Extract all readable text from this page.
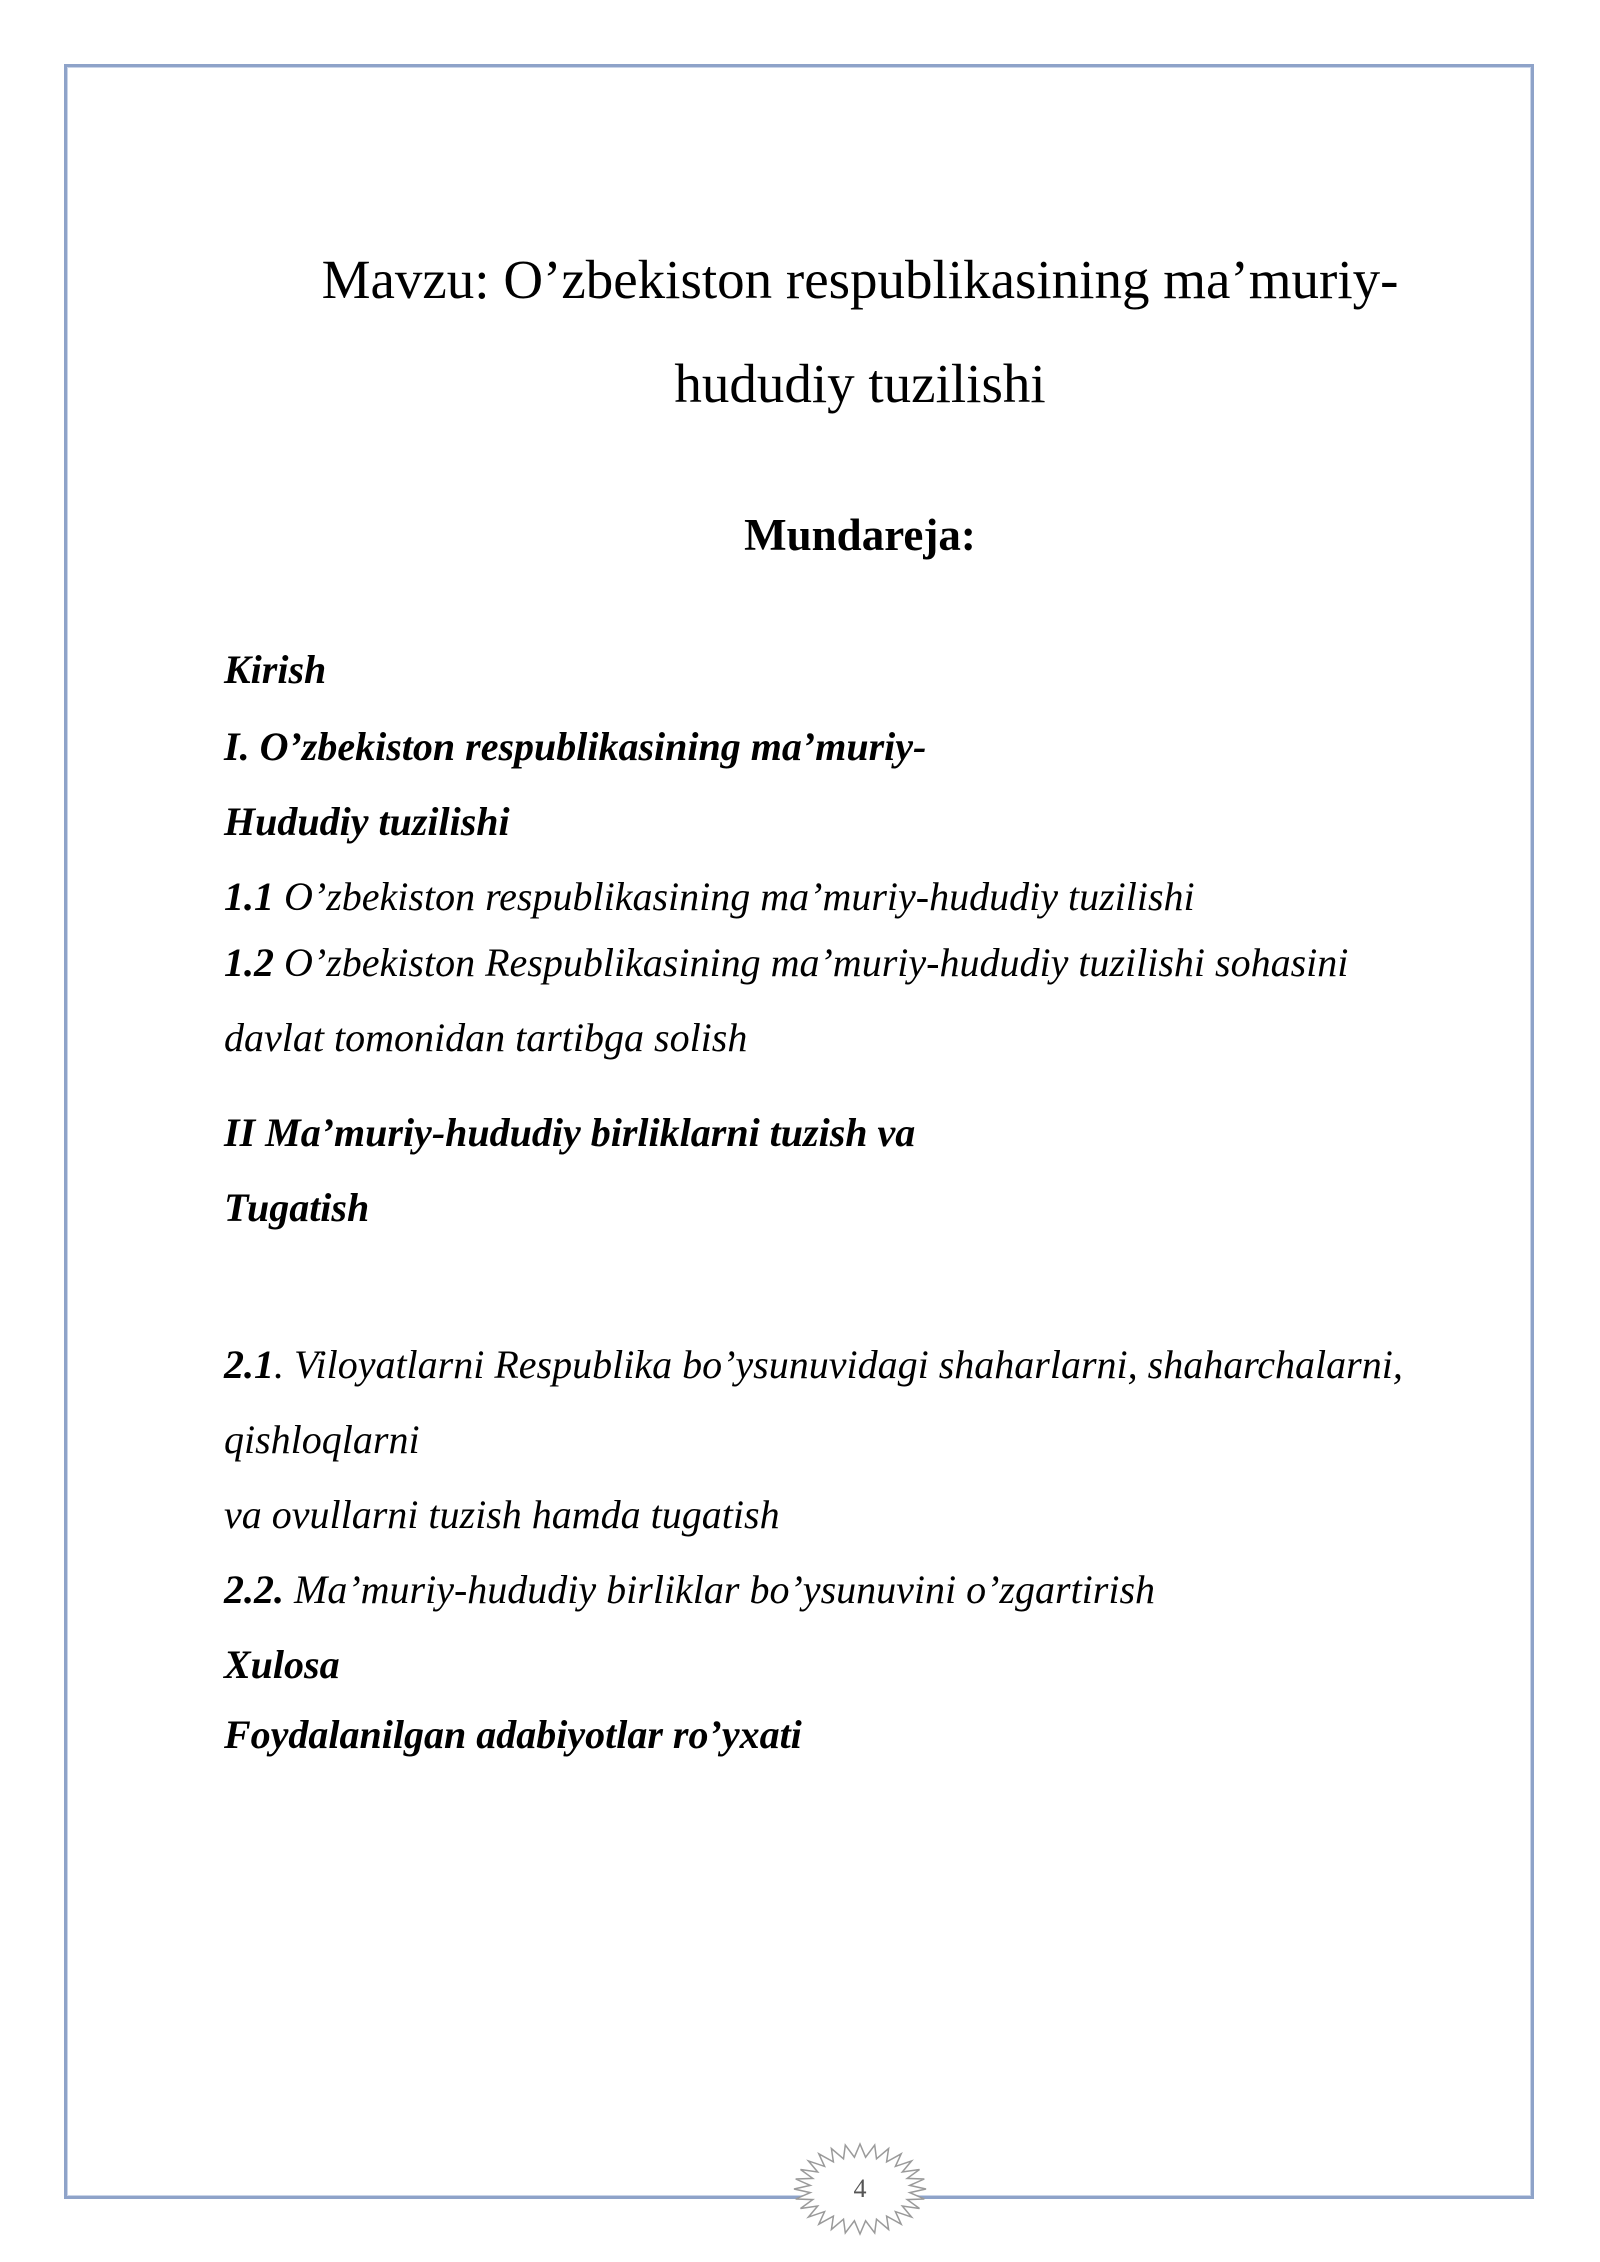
Mavzu: O’zbekiston respublikasining ma’muriy-
hududiy tuzilishi
Mundareja:
Kirish
I. O’zbekiston respublikasining ma’muriy-
Hududiy tuzilishi
1.1 O’zbekiston respublikasining ma’muriy-hududiy tuzilishi
1.2 O’zbekiston Respublikasining ma’muriy-hududiy tuzilishi sohasini
davlat tomonidan tartibga solish
II Ma’muriy-hududiy birliklarni tuzish va
Tugatish
2.1. Viloyatlarni Respublika bo’ysunuvidagi shaharlarni, shaharchalarni,
qishloqlarni
va ovullarni tuzish hamda tugatish
2.2. Ma’muriy-hududiy birliklar bo’ysunuvini o’zgartirish
Xulosa
Foydalanilgan adabiyotlar ro’yxati
4
